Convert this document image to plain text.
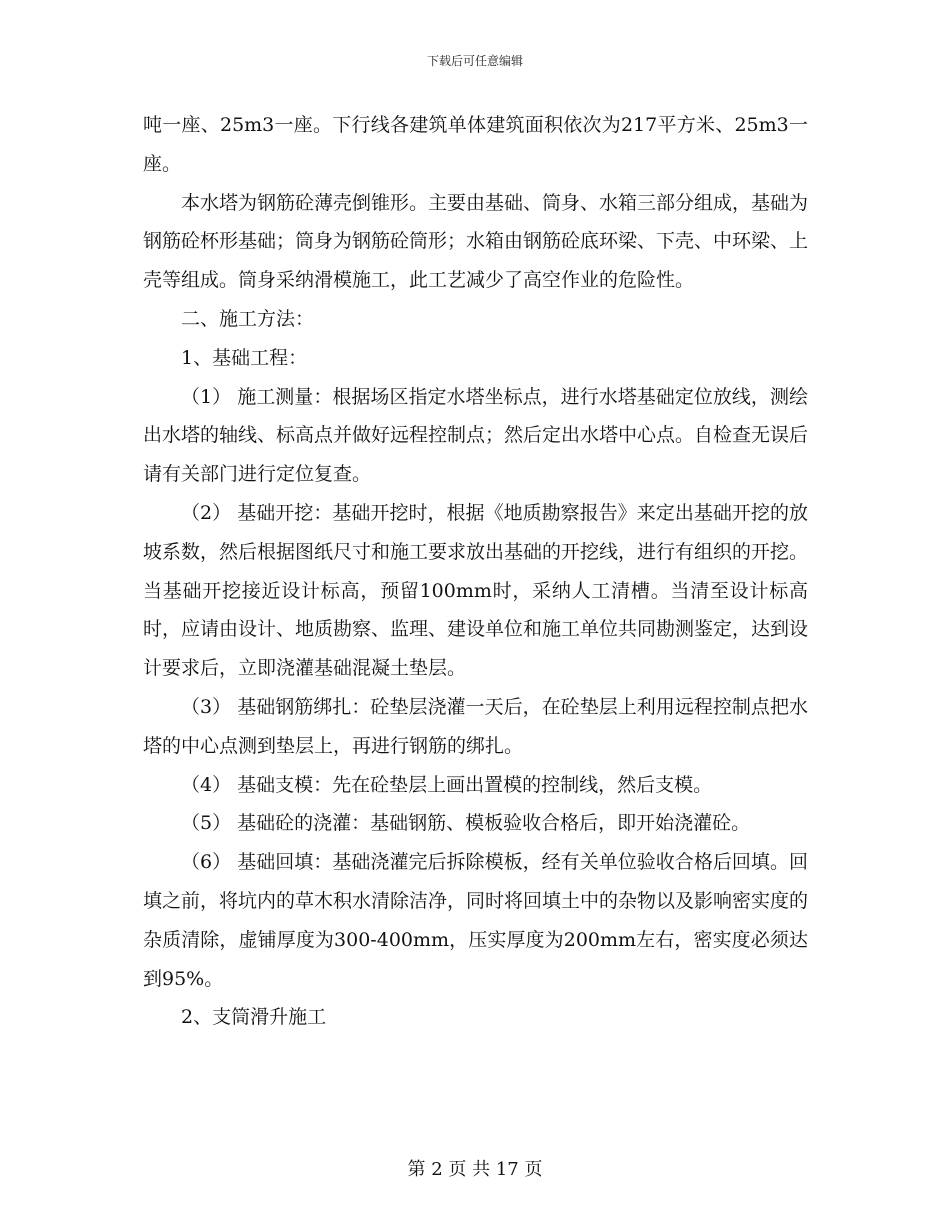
下载后可任意编辑

吨一座、25m3一座。下行线各建筑单体建筑面积依次为217平方米、25m3一座。

本水塔为钢筋砼薄壳倒锥形。主要由基础、筒身、水箱三部分组成，基础为钢筋砼杯形基础；筒身为钢筋砼筒形；水箱由钢筋砼底环梁、下壳、中环梁、上壳等组成。筒身采纳滑模施工，此工艺减少了高空作业的危险性。

二、施工方法：

1、基础工程：

（1） 施工测量：根据场区指定水塔坐标点，进行水塔基础定位放线，测绘出水塔的轴线、标高点并做好远程控制点；然后定出水塔中心点。自检查无误后请有关部门进行定位复查。

（2） 基础开挖：基础开挖时，根据《地质勘察报告》来定出基础开挖的放坡系数，然后根据图纸尺寸和施工要求放出基础的开挖线，进行有组织的开挖。当基础开挖接近设计标高，预留100mm时，采纳人工清槽。当清至设计标高时，应请由设计、地质勘察、监理、建设单位和施工单位共同勘测鉴定，达到设计要求后，立即浇灌基础混凝土垫层。

（3） 基础钢筋绑扎：砼垫层浇灌一天后，在砼垫层上利用远程控制点把水塔的中心点测到垫层上，再进行钢筋的绑扎。

（4） 基础支模：先在砼垫层上画出置模的控制线，然后支模。

（5） 基础砼的浇灌：基础钢筋、模板验收合格后，即开始浇灌砼。

（6） 基础回填：基础浇灌完后拆除模板，经有关单位验收合格后回填。回填之前，将坑内的草木积水清除洁净，同时将回填土中的杂物以及影响密实度的杂质清除，虚铺厚度为300-400mm，压实厚度为200mm左右，密实度必须达到95%。

2、支筒滑升施工

第 2 页 共 17 页
